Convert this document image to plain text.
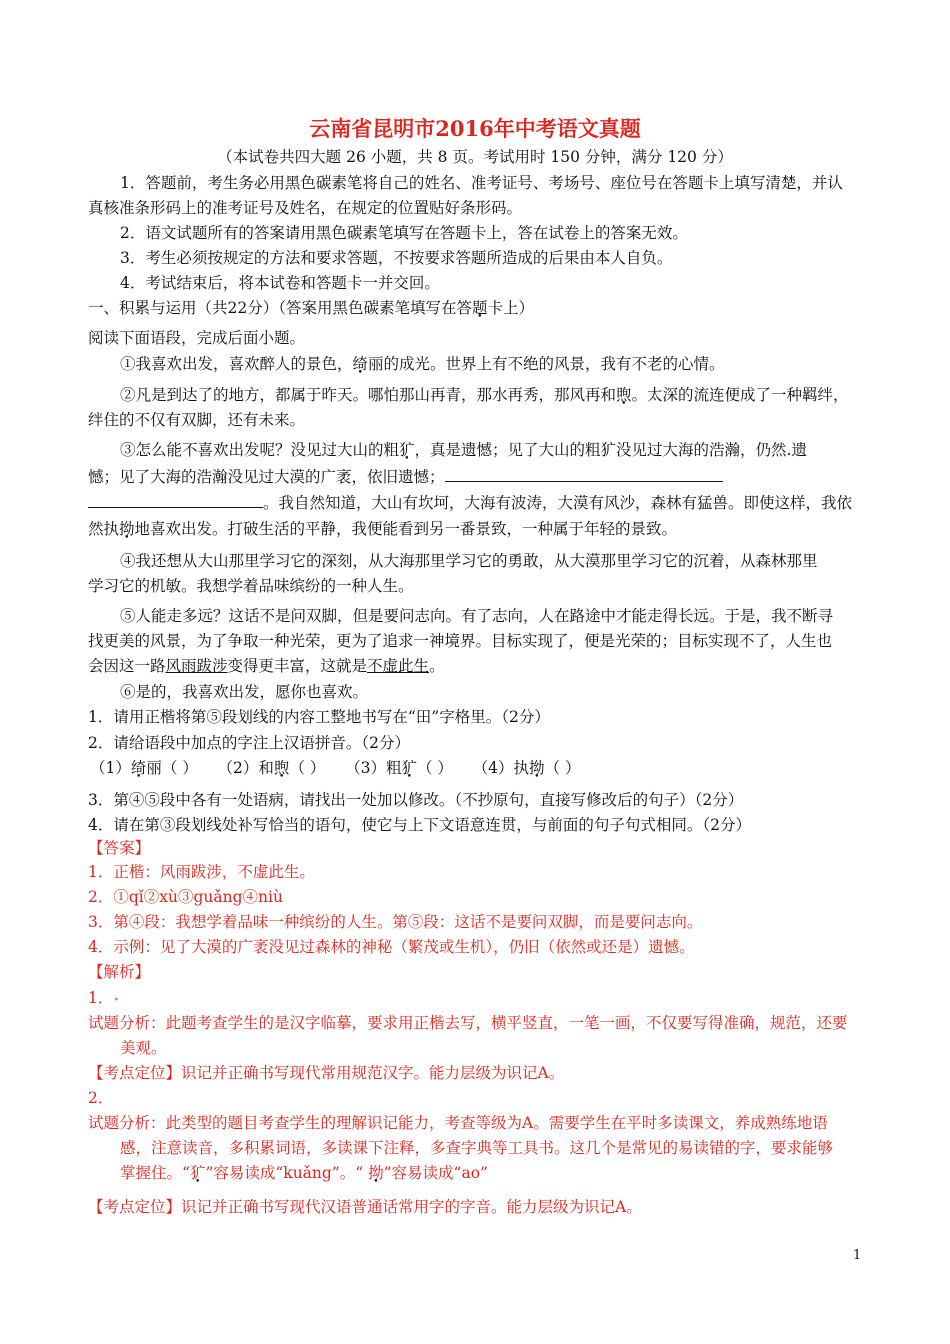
云南省昆明市2016年中考语文真题
（本试卷共四大题 26 小题，共 8 页。考试用时 150 分钟，满分 120 分）
1．答题前，考生务必用黑色碳素笔将自己的姓名、准考证号、考场号、座位号在答题卡上填写清楚，并认
真核准条形码上的准考证号及姓名，在规定的位置贴好条形码。
2．语文试题所有的答案请用黑色碳素笔填写在答题卡上，答在试卷上的答案无效。
3．考生必须按规定的方法和要求答题，不按要求答题所造成的后果由本人自负。
4．考试结束后，将本试卷和答题卡一并交回。
一、积累与运用（共22分）（答案用黑色碳素笔填写在答题卡上 •）
阅读下面语段，完成后面小题。
①我喜欢出发，喜欢醉人的景色，绮丽的成光。世界上有不绝的风景，我有不老的心情。
②凡是到达了的地方，都属于昨天。哪怕那山再青，那水再秀，那风再和煦。太深的流连便成了一种羁绊，
绊住的不仅有双脚，还有未来。
③怎么能不喜欢出发呢？没见过大山的粗犷，真是遗憾；见了大山的粗犷没见过大海的浩瀚，仍然.遗
憾；见了大海的浩瀚没见过大漠的广袤，依旧遗憾；
。我自然知道，大山有坎坷，大海有波涛，大漠有风沙，森林有猛兽。即使这样，我依
然执拗地喜欢出发。打破生活的平静，我便能看到另一番景致，一种属于年轻的景致。
④我还想从大山那里学习它的深刻，从大海那里学习它的勇敢，从大漠那里学习它的沉着，从森林那里
学习它的机敏。我想学着品味缤纷的一种人生。
⑤人能走多远？这话不是问双脚，但是要问志向。有了志向，人在路途中才能走得长远。于是，我不断寻
找更美的风景，为了争取一种光荣，更为了追求一神境界。目标实现了，便是光荣的；目标实现不了，人生也
会因这一路风雨跋涉变得更丰富，这就是不虚此生。
⑥是的，我喜欢出发，愿你也喜欢。
1．请用正楷将第⑤段划线的内容工整地书写在“田”字格里。（2分）
2．请给语段中加点的字注上汉语拼音。（2分）
（1）绮丽（ ） （2）和煦（ ） （3）粗犷（ ） （4）执拗（ ）
3．第④⑤段中各有一处语病，请找出一处加以修改。（不抄原句，直接写修改后的句子）（2分）
4．请在第③段划线处补写恰当的语句，使它与上下文语意连贯，与前面的句子句式相同。（2分）
【答案】
1．正楷：风雨跋涉，不虚此生。
2．①qǐ②xù③guǎng④niù
3．第④段：我想学着品味一种缤纷的人生。第⑤段：这话不是要问双脚，而是要问志向。
4．示例：见了大漠的广袤没见过森林的神秘（繁茂或生机），仍旧（依然或还是）遗憾。
【解析】
1．•
试题分析：此题考查学生的是汉字临摹，要求用正楷去写，横平竖直，一笔一画，不仅要写得准确，规范，还要
美观。
【考点定位】识记并正确书写现代常用规范汉字。能力层级为识记A。
2．
试题分析：此类型的题目考查学生的理解识记能力，考查等级为A。需要学生在平时多读课文，养成熟练地语
感，注意读音，多积累词语，多读课下注释，多查字典等工具书。这几个是常见的易读错的字，要求能够
掌握住。“犷”容易读成“kuǎng”。“ 拗”容易读成“ao”
【考点定位】识记并正确书写现代汉语普通话常用字的字音。能力层级为识记A。
1
